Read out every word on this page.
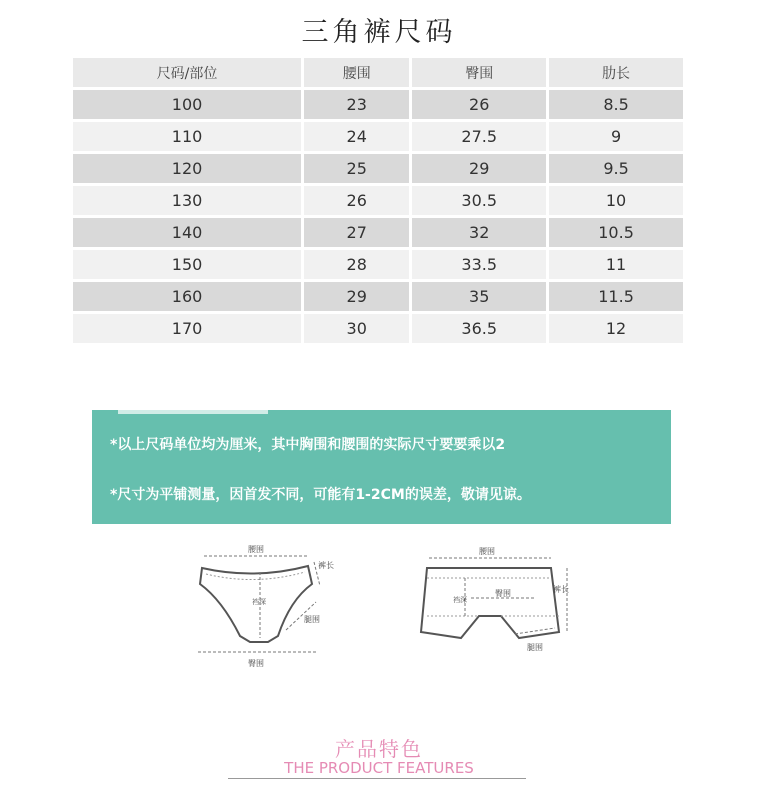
三角裤尺码
尺码/部位	腰围	臀围	肋长
100	23	26	8.5
110	24	27.5	9
120	25	29	9.5
130	26	30.5	10
140	27	32	10.5
150	28	33.5	11
160	29	35	11.5
170	30	36.5	12
*以上尺码单位均为厘米，其中胸围和腰围的实际尺寸要要乘以2
*尺寸为平铺测量，因首发不同，可能有1-2CM的误差，敬请见谅。
腰围
裤长
裆深
腿围
臀围
腰围
裤长
裆深
臀围
腿围
产品特色
THE PRODUCT FEATURES
